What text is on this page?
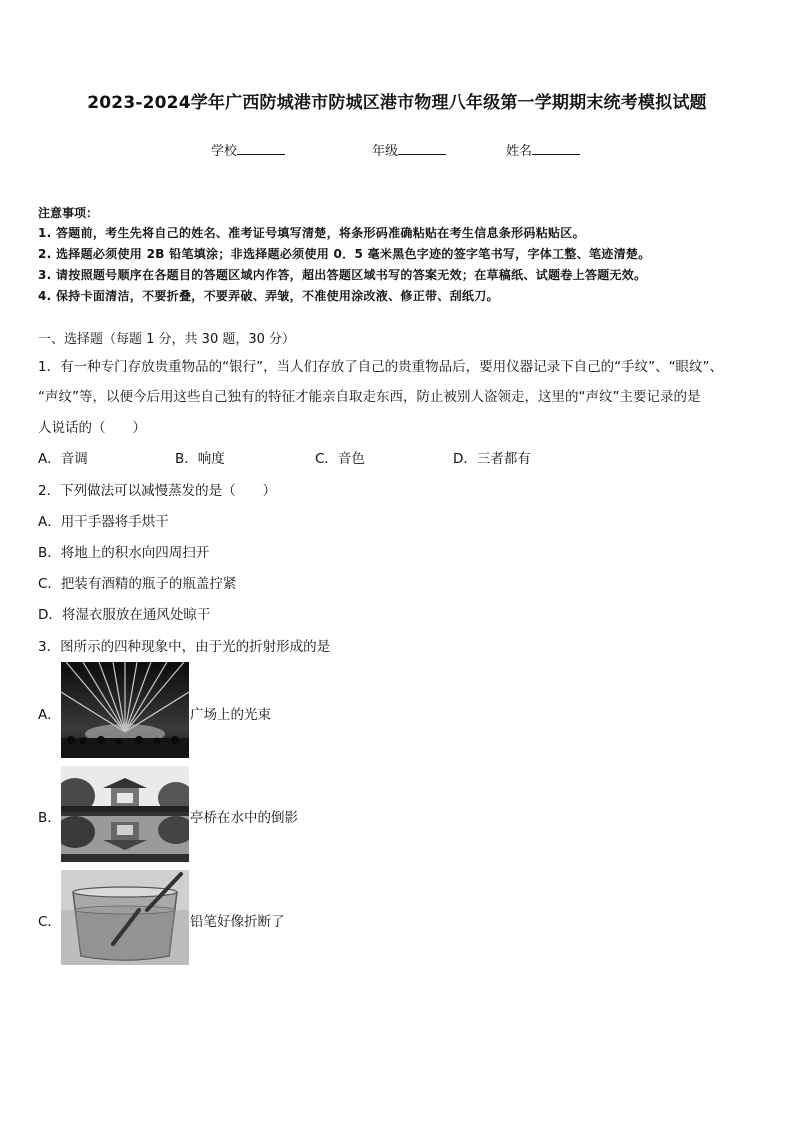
2023-2024学年广西防城港市防城区港市物理八年级第一学期期末统考模拟试题
学校	年级	姓名
注意事项：
1. 答题前，考生先将自己的姓名、准考证号填写清楚，将条形码准确粘贴在考生信息条形码粘贴区。
2. 选择题必须使用 2B 铅笔填涂；非选择题必须使用 0．5 毫米黑色字迹的签字笔书写，字体工整、笔迹清楚。
3. 请按照题号顺序在各题目的答题区域内作答，超出答题区域书写的答案无效；在草稿纸、试题卷上答题无效。
4. 保持卡面清洁，不要折叠，不要弄破、弄皱，不准使用涂改液、修正带、刮纸刀。
一、选择题（每题 1 分，共 30 题，30 分）
1．有一种专门存放贵重物品的“银行”，当人们存放了自己的贵重物品后，要用仪器记录下自己的“手纹”、“眼纹”、
“声纹”等，以便今后用这些自己独有的特征才能亲自取走东西，防止被别人盗领走，这里的“声纹”主要记录的是
人说话的（　　）
A．音调	B．响度	C．音色	D．三者都有
2．下列做法可以减慢蒸发的是（　　）
A．用干手器将手烘干
B．将地上的积水向四周扫开
C．把装有酒精的瓶子的瓶盖拧紧
D．将湿衣服放在通风处晾干
3．图所示的四种现象中，由于光的折射形成的是
A．	广场上的光束
B．	亭桥在水中的倒影
C．	铅笔好像折断了
